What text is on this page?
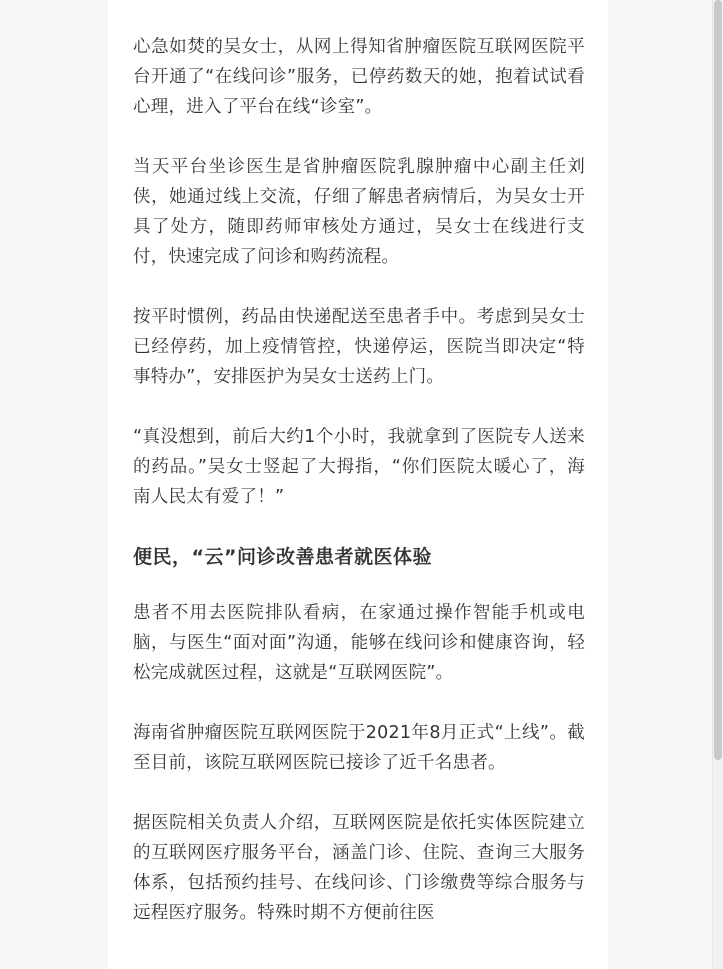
心急如焚的吴女士，从网上得知省肿瘤医院互联网医院平台开通了“在线问诊”服务，已停药数天的她，抱着试试看心理，进入了平台在线“诊室”。

当天平台坐诊医生是省肿瘤医院乳腺肿瘤中心副主任刘侠，她通过线上交流，仔细了解患者病情后，为吴女士开具了处方，随即药师审核处方通过，吴女士在线进行支付，快速完成了问诊和购药流程。

按平时惯例，药品由快递配送至患者手中。考虑到吴女士已经停药，加上疫情管控，快递停运，医院当即决定“特事特办”，安排医护为吴女士送药上门。

“真没想到，前后大约1个小时，我就拿到了医院专人送来的药品。”吴女士竖起了大拇指，“你们医院太暖心了，海南人民太有爱了！”

便民，“云”问诊改善患者就医体验

患者不用去医院排队看病，在家通过操作智能手机或电脑，与医生“面对面”沟通，能够在线问诊和健康咨询，轻松完成就医过程，这就是“互联网医院”。

海南省肿瘤医院互联网医院于2021年8月正式“上线”。截至目前，该院互联网医院已接诊了近千名患者。

据医院相关负责人介绍，互联网医院是依托实体医院建立的互联网医疗服务平台，涵盖门诊、住院、查询三大服务体系，包括预约挂号、在线问诊、门诊缴费等综合服务与远程医疗服务。特殊时期不方便前往医
